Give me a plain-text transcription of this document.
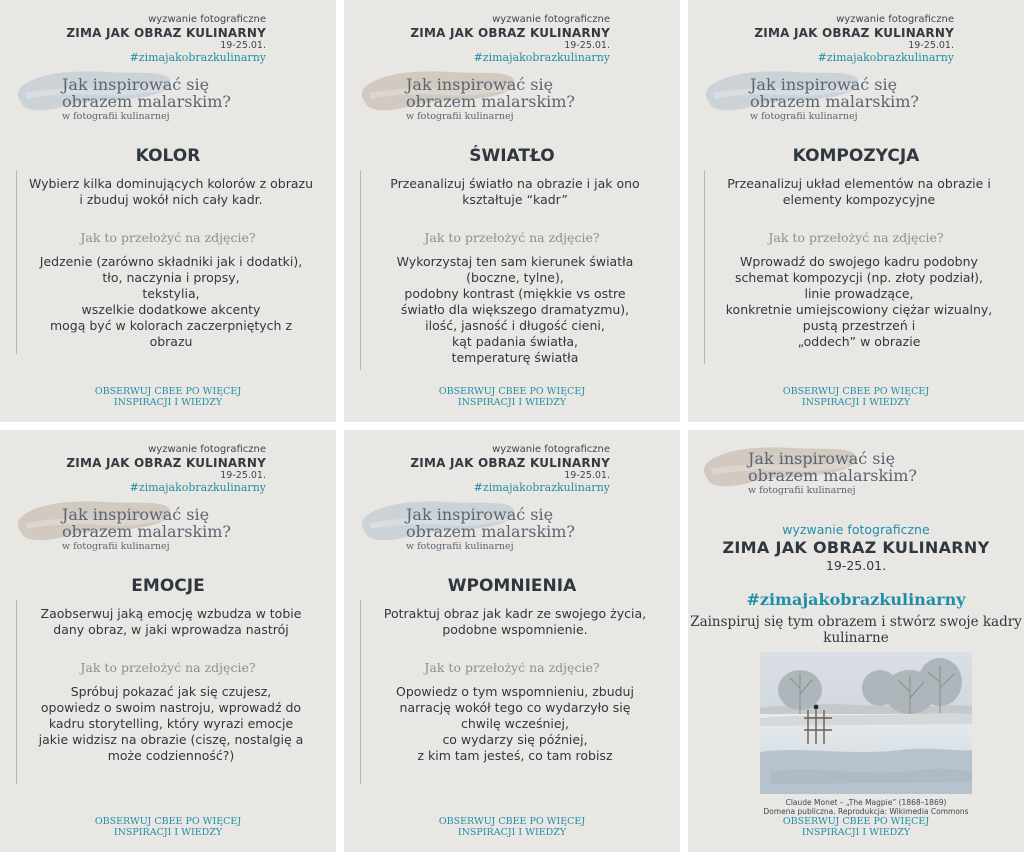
wyzwanie fotograficzne
ZIMA JAK OBRAZ KULINARNY
19-25.01.
#zimajakobrazkulinarny
Jak inspirować się
obrazem malarskim?
w fotografii kulinarnej
KOLOR
Wybierz kilka dominujących kolorów z obrazu i zbuduj wokół nich cały kadr.
Jak to przełożyć na zdjęcie?
Jedzenie (zarówno składniki jak i dodatki),
tło, naczynia i propsy,
tekstylia,
wszelkie dodatkowe akcenty
mogą być w kolorach zaczerpniętych z
obrazu
OBSERWUJ CBEE PO WIĘCEJ
INSPIRACJI I WIEDZY
wyzwanie fotograficzne
ZIMA JAK OBRAZ KULINARNY
19-25.01.
#zimajakobrazkulinarny
Jak inspirować się
obrazem malarskim?
w fotografii kulinarnej
ŚWIATŁO
Przeanalizuj światło na obrazie i jak ono kształtuje “kadr”
Jak to przełożyć na zdjęcie?
Wykorzystaj ten sam kierunek światła
(boczne, tylne),
podobny kontrast (miękkie vs ostre
światło dla większego dramatyzmu),
ilość, jasność i długość cieni,
kąt padania światła,
temperaturę światła
OBSERWUJ CBEE PO WIĘCEJ
INSPIRACJI I WIEDZY
wyzwanie fotograficzne
ZIMA JAK OBRAZ KULINARNY
19-25.01.
#zimajakobrazkulinarny
Jak inspirować się
obrazem malarskim?
w fotografii kulinarnej
KOMPOZYCJA
Przeanalizuj układ elementów na obrazie i elementy kompozycyjne
Jak to przełożyć na zdjęcie?
Wprowadź do swojego kadru podobny
schemat kompozycji (np. złoty podział),
linie prowadzące,
konkretnie umiejscowiony ciężar wizualny,
pustą przestrzeń i
„oddech” w obrazie
OBSERWUJ CBEE PO WIĘCEJ
INSPIRACJI I WIEDZY
wyzwanie fotograficzne
ZIMA JAK OBRAZ KULINARNY
19-25.01.
#zimajakobrazkulinarny
Jak inspirować się
obrazem malarskim?
w fotografii kulinarnej
EMOCJE
Zaobserwuj jaką emocję wzbudza w tobie dany obraz, w jaki wprowadza nastrój
Jak to przełożyć na zdjęcie?
Spróbuj pokazać jak się czujesz,
opowiedz o swoim nastroju, wprowadź do
kadru storytelling, który wyrazi emocje
jakie widzisz na obrazie (ciszę, nostalgię a
może codzienność?)
OBSERWUJ CBEE PO WIĘCEJ
INSPIRACJI I WIEDZY
wyzwanie fotograficzne
ZIMA JAK OBRAZ KULINARNY
19-25.01.
#zimajakobrazkulinarny
Jak inspirować się
obrazem malarskim?
w fotografii kulinarnej
WPOMNIENIA
Potraktuj obraz jak kadr ze swojego życia, podobne wspomnienie.
Jak to przełożyć na zdjęcie?
Opowiedz o tym wspomnieniu, zbuduj
narrację wokół tego co wydarzyło się
chwilę wcześniej,
co wydarzy się później,
z kim tam jesteś, co tam robisz
OBSERWUJ CBEE PO WIĘCEJ
INSPIRACJI I WIEDZY
Jak inspirować się
obrazem malarskim?
w fotografii kulinarnej
wyzwanie fotograficzne
ZIMA JAK OBRAZ KULINARNY
19-25.01.
#zimajakobrazkulinarny
Zainspiruj się tym obrazem i stwórz swoje kadry kulinarne
Claude Monet – „The Magpie” (1868–1869)
Domena publiczna. Reprodukcja: Wikimedia Commons
OBSERWUJ CBEE PO WIĘCEJ
INSPIRACJI I WIEDZY
